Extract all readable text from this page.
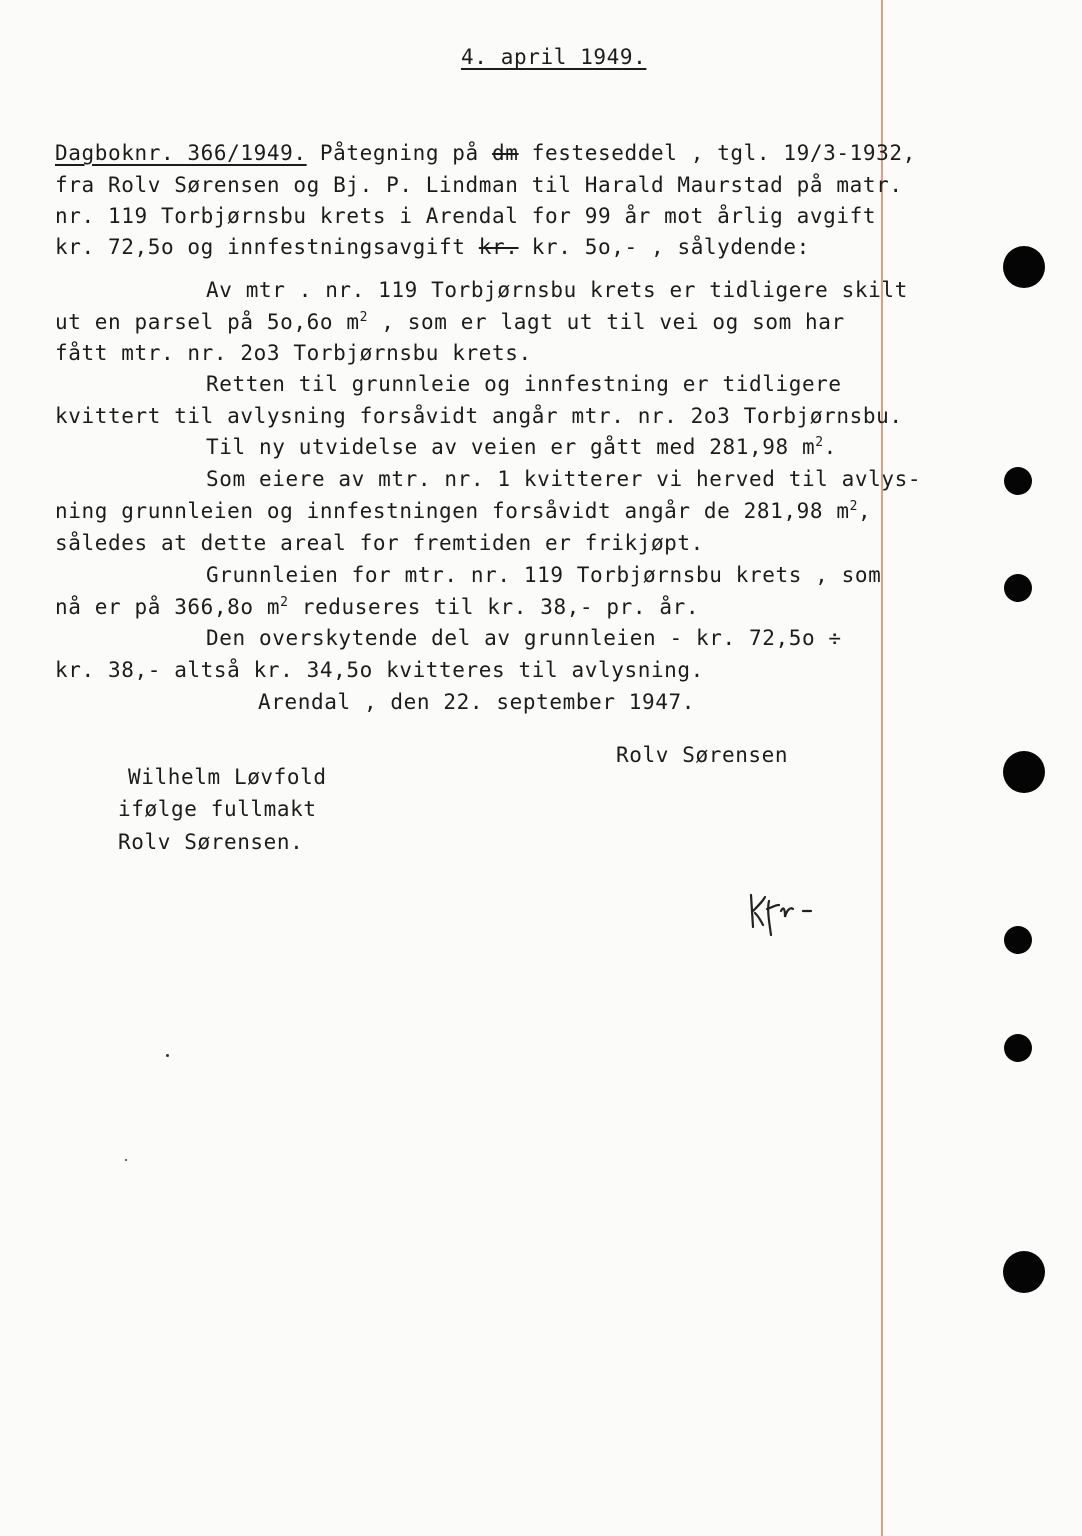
4. april 1949.
Dagboknr. 366/1949. Påtegning på dm festeseddel , tgl. 19/3-1932,
fra Rolv Sørensen og Bj. P. Lindman til Harald Maurstad på matr.
nr. 119 Torbjørnsbu krets i Arendal for 99 år mot årlig avgift
kr. 72,5o og innfestningsavgift kr. kr. 5o,- , sålydende:
Av mtr . nr. 119 Torbjørnsbu krets er tidligere skilt
ut en parsel på 5o,6o $m^2$ , som er lagt ut til vei og som har
fått mtr. nr. 2o3 Torbjørnsbu krets.
Retten til grunnleie og innfestning er tidligere
kvittert til avlysning forsåvidt angår mtr. nr. 2o3 Torbjørnsbu.
Til ny utvidelse av veien er gått med 281,98 $m^2$.
Som eiere av mtr. nr. 1 kvitterer vi herved til avlys-
ning grunnleien og innfestningen forsåvidt angår de 281,98 $m^2$,
således at dette areal for fremtiden er frikjøpt.
Grunnleien for mtr. nr. 119 Torbjørnsbu krets , som
nå er på 366,8o $m^2$ reduseres til kr. 38,- pr. år.
Den overskytende del av grunnleien - kr. 72,5o ÷
kr. 38,- altså kr. 34,5o kvitteres til avlysning.
Arendal , den 22. september 1947.
Rolv Sørensen
Wilhelm Løvfold
ifølge fullmakt
Rolv Sørensen.
